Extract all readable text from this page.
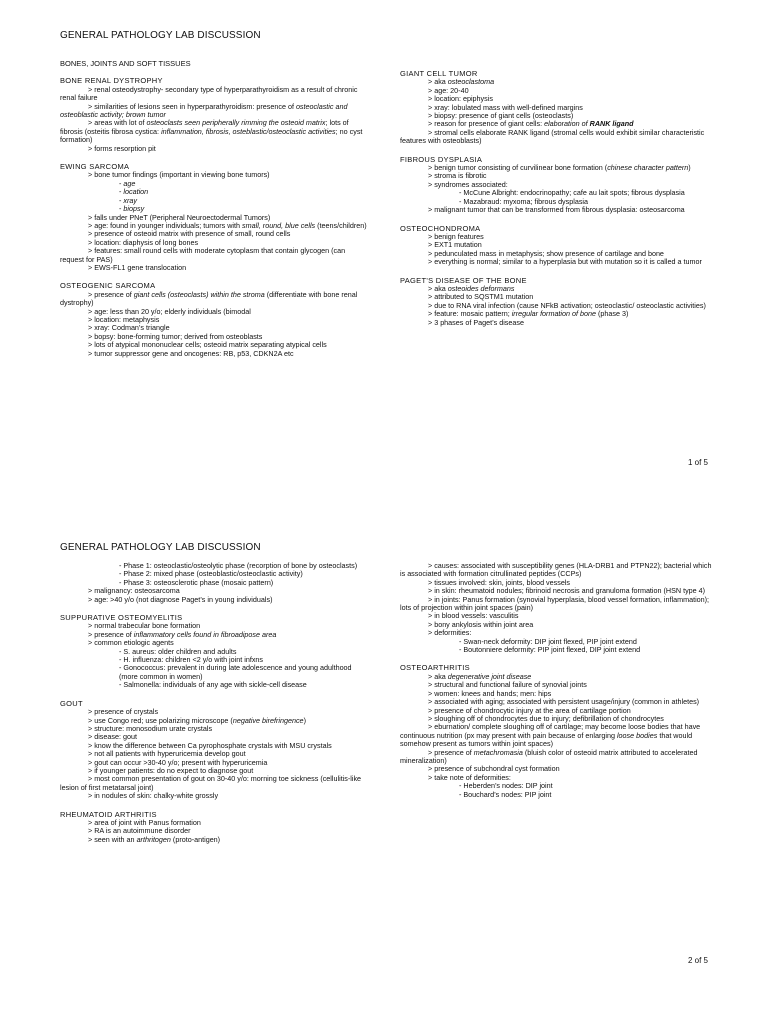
GENERAL PATHOLOGY LAB DISCUSSION
BONES, JOINTS AND SOFT TISSUES
BONE RENAL DYSTROPHY
> renal osteodystrophy- secondary type of hyperparathyroidism as a result of chronic renal failure
> similarities of lesions seen in hyperparathyroidism: presence of osteoclastic and osteoblastic activity; brown tumor
> areas with lot of osteoclasts seen peripherally rimming the osteoid matrix; lots of fibrosis (osteitis fibrosa cystica: inflammation, fibrosis, osteblastic/osteoclastic activities; no cyst formation)
> forms resorption pit
EWING SARCOMA
> bone tumor findings (important in viewing bone tumors)
- age
- location
- xray
- biopsy
> falls under PNeT (Peripheral Neuroectodermal Tumors)
> age: found in younger individuals; tumors with small, round, blue cells (teens/children)
> presence of osteoid matrix with presence of small, round cells
> location: diaphysis of long bones
> features: small round cells with moderate cytoplasm that contain glycogen (can request for PAS)
> EWS-FL1 gene translocation
OSTEOGENIC SARCOMA
> presence of giant cells (osteoclasts) within the stroma (differentiate with bone renal dystrophy)
> age: less than 20 y/o; elderly individuals (bimodal
> location: metaphysis
> xray: Codman’s triangle
> bopsy: bone-forming tumor; derived from osteoblasts
> lots of atypical mononuclear cells; osteoid matrix separating atypical cells
> tumor suppressor gene and oncogenes: RB, p53, CDKN2A etc
GIANT CELL TUMOR
> aka osteoclastoma
> age: 20-40
> location: epiphysis
> xray: lobulated mass with well-defined margins
> biopsy: presence of giant cells (osteoclasts)
> reason for presence of giant cells: elaboration of RANK ligand
> stromal cells elaborate RANK ligand (stromal cells would exhibit similar characteristic features with osteoblasts)
FIBROUS DYSPLASIA
> benign tumor consisting of curvilinear bone formation (chinese character pattern)
> stroma is fibrotic
> syndromes associated:
- McCune Albright: endocrinopathy; cafe au lait spots; fibrous dysplasia
- Mazabraud: myxoma; fibrous dysplasia
> malignant tumor that can be transformed from fibrous dysplasia: osteosarcoma
OSTEOCHONDROMA
> benign features
> EXT1 mutation
> pedunculated mass in metaphysis; show presence of cartilage and bone
> everything is normal; similar to a hyperplasia but with mutation so it is called a tumor
PAGET'S DISEASE OF THE BONE
> aka osteoides deformans
> attributed to SQSTM1 mutation
> due to RNA viral infection (cause NFkB activation; osteoclastic/ osteoclastic activities)
> feature: mosaic pattern; irregular formation of bone (phase 3)
> 3 phases of Paget’s disease
1 of 5
GENERAL PATHOLOGY LAB DISCUSSION
- Phase 1: osteoclastic/osteolytic phase (recorption of bone by osteoclasts)
- Phase 2: mixed phase (osteoblastic/osteoclastic activity)
- Phase 3: osteosclerotic phase (mosaic pattern)
> malignancy: osteosarcoma
> age: >40 y/o (not diagnose Paget’s in young individuals)
SUPPURATIVE OSTEOMYELITIS
> normal trabecular bone formation
> presence of inflammatory cells found in fibroadipose area
> common etiologic agents
- S. aureus: older children and adults
- H. influenza: children <2 y/o with joint infxns
- Gonococcus: prevalent in during late adolescence and young adulthood (more common in women)
- Salmonella: individuals of any age with sickle-cell disease
GOUT
> presence of crystals
> use Congo red; use polarizing microscope (negative birefringence)
> structure: monosodium urate crystals
> disease: gout
> know the difference between Ca pyrophosphate crystals with MSU crystals
> not all patients with hyperuricemia develop gout
> gout can occur >30-40 y/o; present with hyperuricemia
> if younger patients: do no expect to diagnose gout
> most common presentation of gout on 30-40 y/o: morning toe sickness (cellulitis-like lesion of first metatarsal joint)
> in nodules of skin: chalky-white grossly
RHEUMATOID ARTHRITIS
> area of joint with Panus formation
> RA is an autoimmune disorder
> seen with an arthritogen (proto-antigen)
> causes: associated with susceptibility genes (HLA-DRB1 and PTPN22); bacterial which is associated with formation citrullinated peptides (CCPs)
> tissues involved: skin, joints, blood vessels
> in skin: rheumatoid nodules; fibrinoid necrosis and granuloma formation (HSN type 4)
> in joints: Panus formation (synovial hyperplasia, blood vessel formation, inflammation); lots of projection within joint spaces (pain)
> in blood vessels: vasculitis
> bony ankylosis within joint area
> deformities:
- Swan-neck deformity: DIP joint flexed, PIP joint extend
- Boutonniere deformity: PIP joint flexed, DIP joint extend
OSTEOARTHRITIS
> aka degenerative joint disease
> structural and functional failure of synovial joints
> women: knees and hands; men: hips
> associated with aging; associated with persistent usage/injury (common in athletes)
> presence of chondrocytic injury at the area of cartilage portion
> sloughing off of chondrocytes due to injury; defibrillation of chondrocytes
> eburnation/ complete sloughing off of cartilage; may become loose bodies that have continuous nutrition (px may present with pain because of enlarging loose bodies that would somehow present as tumors within joint spaces)
> presence of metachromasia (bluish color of osteoid matrix attributed to accelerated mineralization)
> presence of subchondral cyst formation
> take note of deformities:
- Heberden’s nodes: DIP joint
- Bouchard’s nodes: PIP joint
2 of 5
